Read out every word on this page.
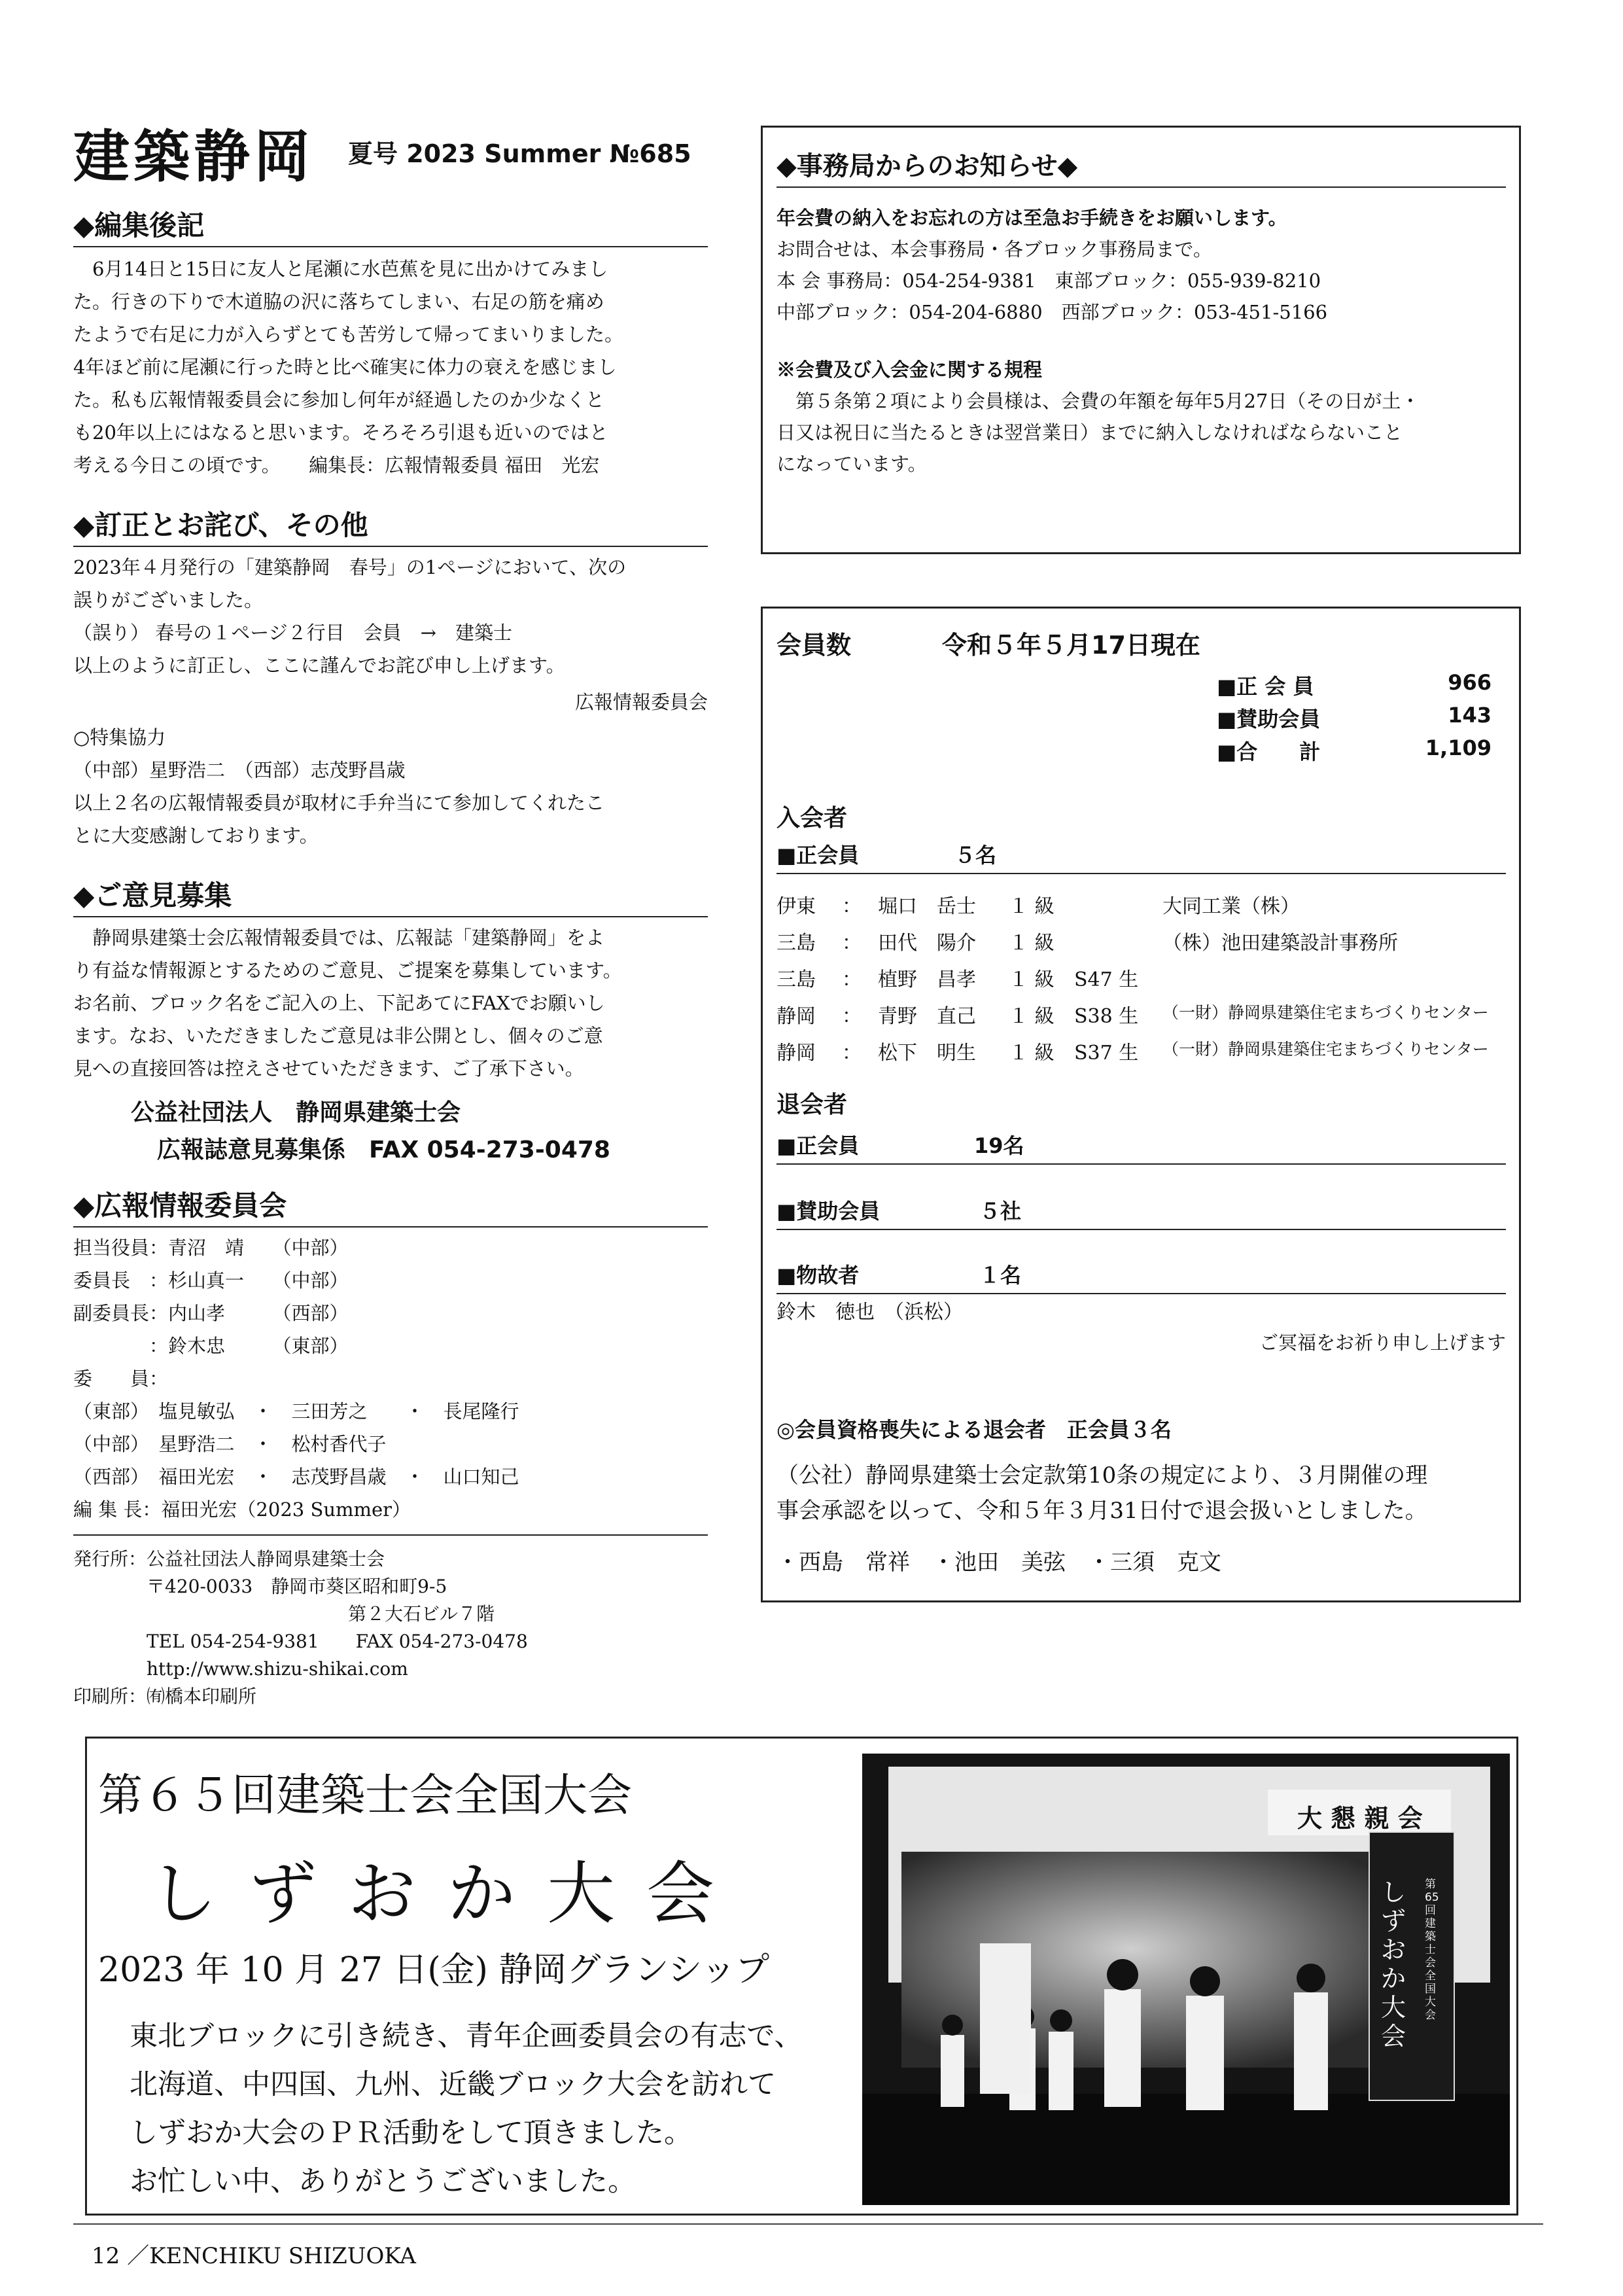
建築静岡 夏号 2023 Summer №685
◆編集後記
　6月14日と15日に友人と尾瀬に水芭蕉を見に出かけてみまし
た。行きの下りで木道脇の沢に落ちてしまい、右足の筋を痛め
たようで右足に力が入らずとても苦労して帰ってまいりました。
4年ほど前に尾瀬に行った時と比べ確実に体力の衰えを感じまし
た。私も広報情報委員会に参加し何年が経過したのか少なくと
も20年以上にはなると思います。そろそろ引退も近いのではと
考える今日この頃です。　　編集長：広報情報委員 福田　光宏
◆訂正とお詫び、その他
2023年４月発行の「建築静岡　春号」の1ページにおいて、次の
誤りがございました。
（誤り） 春号の１ページ２行目　会員　→　建築士
以上のように訂正し、ここに謹んでお詫び申し上げます。
広報情報委員会
○特集協力
（中部）星野浩二　（西部）志茂野昌歳
以上２名の広報情報委員が取材に手弁当にて参加してくれたこ
とに大変感謝しております。
◆ご意見募集
　静岡県建築士会広報情報委員では、広報誌「建築静岡」をよ
り有益な情報源とするためのご意見、ご提案を募集しています。
お名前、ブロック名をご記入の上、下記あてにFAXでお願いし
ます。なお、いただきましたご意見は非公開とし、個々のご意
見への直接回答は控えさせていただきます、ご了承下さい。
公益社団法人　静岡県建築士会
広報誌意見募集係　FAX 054-273-0478
◆広報情報委員会
担当役員：青沼　靖　　（中部）
委員長　：杉山真一　　（中部）
副委員長：内山孝　　　（西部）
　　　　：鈴木忠　　　（東部）
委　　員：
（東部）　塩見敏弘　・　三田芳之　　・　長尾隆行
（中部）　星野浩二　・　松村香代子
（西部）　福田光宏　・　志茂野昌歳　・　山口知己
編 集 長：福田光宏（2023 Summer）
発行所：公益社団法人静岡県建築士会
　　　　〒420-0033　静岡市葵区昭和町9-5
　　　　　　　　　　　　　　　第２大石ビル７階
　　　　TEL 054-254-9381　　FAX 054-273-0478
　　　　http://www.shizu-shikai.com
印刷所：㈲橋本印刷所
◆事務局からのお知らせ◆
年会費の納入をお忘れの方は至急お手続きをお願いします。
お問合せは、本会事務局・各ブロック事務局まで。
本 会 事務局：054-254-9381　東部ブロック：055-939-8210
中部ブロック：054-204-6880　西部ブロック：053-451-5166
※会費及び入会金に関する規程
　第５条第２項により会員様は、会費の年額を毎年5月27日（その日が土・
日又は祝日に当たるときは翌営業日）までに納入しなければならないこと
になっています。
会員数	令和５年５月17日現在
■正 会 員	966
■賛助会員	143
■合　　計	1,109
入会者
■正会員	５名
伊東 ： 堀口　岳士 １ 級	大同工業（株）
三島 ： 田代　陽介 １ 級	（株）池田建築設計事務所
三島 ： 植野　昌孝 １ 級 S47 生
静岡 ： 青野　直己 １ 級 S38 生 （一財）静岡県建築住宅まちづくりセンター
静岡 ： 松下　明生 １ 級 S37 生 （一財）静岡県建築住宅まちづくりセンター
退会者
■正会員	19名
■賛助会員	５社
■物故者	１名
鈴木　徳也　（浜松）
ご冥福をお祈り申し上げます
◎会員資格喪失による退会者　正会員３名
（公社）静岡県建築士会定款第10条の規定により、３月開催の理
事会承認を以って、令和５年３月31日付で退会扱いとしました。
・西島　常祥　・池田　美弦　・三須　克文
第６５回建築士会全国大会
しずおか大会
2023 年 10 月 27 日(金) 静岡グランシップ
東北ブロックに引き続き、青年企画委員会の有志で、
北海道、中四国、九州、近畿ブロック大会を訪れて
しずおか大会のＰＲ活動をして頂きました。
お忙しい中、ありがとうございました。
大 懇 親 会
しずおか大会
第65回 建築士会全国大会
12 ／KENCHIKU SHIZUOKA
